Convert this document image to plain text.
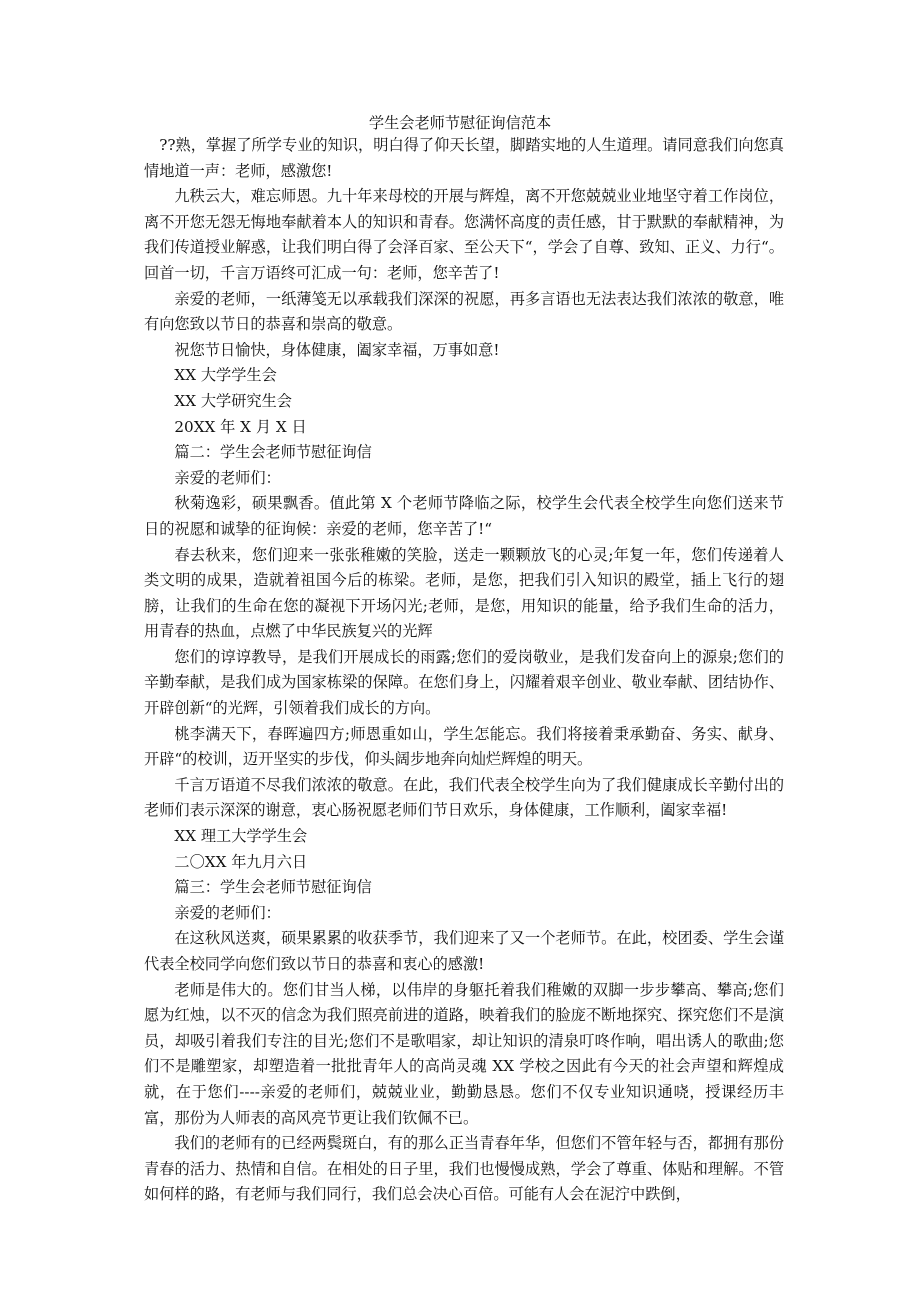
学生会老师节慰征询信范本

??熟，掌握了所学专业的知识，明白得了仰天长望，脚踏实地的人生道理。请同意我们向您真情地道一声：老师，感激您!

九秩云大，难忘师恩。九十年来母校的开展与辉煌，离不开您兢兢业业地坚守着工作岗位，离不开您无怨无悔地奉献着本人的知识和青春。您满怀高度的责任感，甘于默默的奉献精神，为我们传道授业解惑，让我们明白得了会泽百家、至公天下“，学会了自尊、致知、正义、力行“。回首一切，千言万语终可汇成一句：老师，您辛苦了!

亲爱的老师，一纸薄笺无以承载我们深深的祝愿，再多言语也无法表达我们浓浓的敬意，唯有向您致以节日的恭喜和崇高的敬意。

祝您节日愉快，身体健康，阖家幸福，万事如意!

XX 大学学生会

XX 大学研究生会

20XX 年 X 月 X 日

篇二：学生会老师节慰征询信

亲爱的老师们：

秋菊逸彩，硕果飘香。值此第 X 个老师节降临之际，校学生会代表全校学生向您们送来节日的祝愿和诚挚的征询候：亲爱的老师，您辛苦了!“

春去秋来，您们迎来一张张稚嫩的笑脸，送走一颗颗放飞的心灵;年复一年，您们传递着人类文明的成果，造就着祖国今后的栋梁。老师，是您，把我们引入知识的殿堂，插上飞行的翅膀，让我们的生命在您的凝视下开场闪光;老师，是您，用知识的能量，给予我们生命的活力，用青春的热血，点燃了中华民族复兴的光辉

您们的谆谆教导，是我们开展成长的雨露;您们的爱岗敬业，是我们发奋向上的源泉;您们的辛勤奉献，是我们成为国家栋梁的保障。在您们身上，闪耀着艰辛创业、敬业奉献、团结协作、开辟创新“的光辉，引领着我们成长的方向。

桃李满天下，春晖遍四方;师恩重如山，学生怎能忘。我们将接着秉承勤奋、务实、献身、开辟“的校训，迈开坚实的步伐，仰头阔步地奔向灿烂辉煌的明天。

千言万语道不尽我们浓浓的敬意。在此，我们代表全校学生向为了我们健康成长辛勤付出的老师们表示深深的谢意，衷心肠祝愿老师们节日欢乐，身体健康，工作顺利，阖家幸福!

XX 理工大学学生会

二〇XX 年九月六日

篇三：学生会老师节慰征询信

亲爱的老师们：

在这秋风送爽，硕果累累的收获季节，我们迎来了又一个老师节。在此，校团委、学生会谨代表全校同学向您们致以节日的恭喜和衷心的感激!

老师是伟大的。您们甘当人梯，以伟岸的身躯托着我们稚嫩的双脚一步步攀高、攀高;您们愿为红烛，以不灭的信念为我们照亮前进的道路，映着我们的脸庞不断地探究、探究您们不是演员，却吸引着我们专注的目光;您们不是歌唱家，却让知识的清泉叮咚作响，唱出诱人的歌曲;您们不是雕塑家，却塑造着一批批青年人的高尚灵魂 XX 学校之因此有今天的社会声望和辉煌成就，在于您们----亲爱的老师们，兢兢业业，勤勤恳恳。您们不仅专业知识通哓，授课经历丰富，那份为人师表的高风亮节更让我们钦佩不已。

我们的老师有的已经两鬓斑白，有的那么正当青春年华，但您们不管年轻与否，都拥有那份青春的活力、热情和自信。在相处的日子里，我们也慢慢成熟，学会了尊重、体贴和理解。不管如何样的路，有老师与我们同行，我们总会决心百倍。可能有人会在泥泞中跌倒，
